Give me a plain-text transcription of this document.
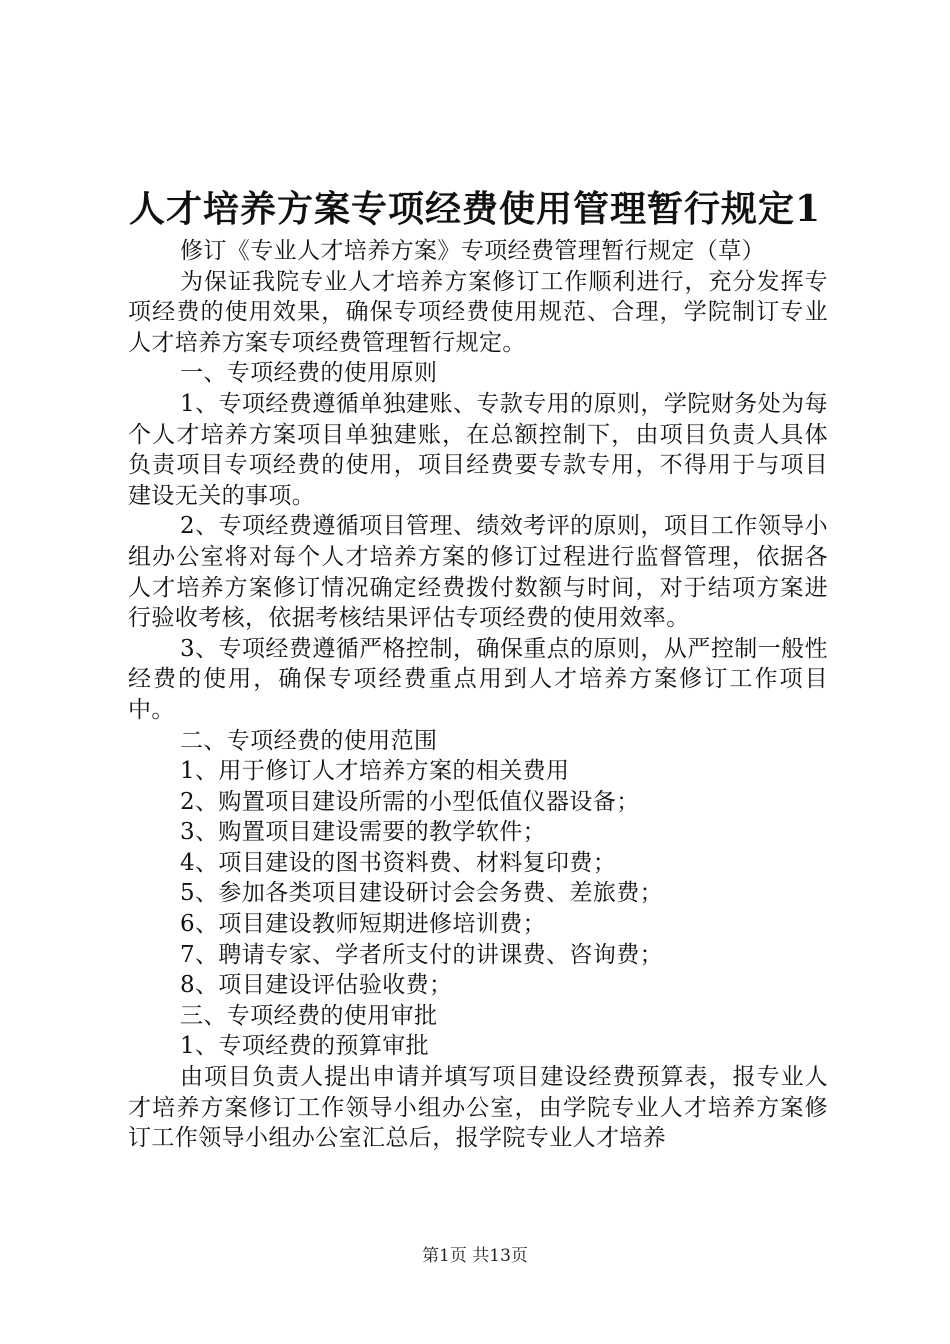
人才培养方案专项经费使用管理暂行规定1

修订《专业人才培养方案》专项经费管理暂行规定（草）

为保证我院专业人才培养方案修订工作顺利进行，充分发挥专项经费的使用效果，确保专项经费使用规范、合理，学院制订专业人才培养方案专项经费管理暂行规定。

一、专项经费的使用原则

1、专项经费遵循单独建账、专款专用的原则，学院财务处为每个人才培养方案项目单独建账，在总额控制下，由项目负责人具体负责项目专项经费的使用，项目经费要专款专用，不得用于与项目建设无关的事项。

2、专项经费遵循项目管理、绩效考评的原则，项目工作领导小组办公室将对每个人才培养方案的修订过程进行监督管理，依据各人才培养方案修订情况确定经费拨付数额与时间，对于结项方案进行验收考核，依据考核结果评估专项经费的使用效率。

3、专项经费遵循严格控制，确保重点的原则，从严控制一般性经费的使用，确保专项经费重点用到人才培养方案修订工作项目中。

二、专项经费的使用范围

1、用于修订人才培养方案的相关费用

2、购置项目建设所需的小型低值仪器设备；

3、购置项目建设需要的教学软件；

4、项目建设的图书资料费、材料复印费；

5、参加各类项目建设研讨会会务费、差旅费；

6、项目建设教师短期进修培训费；

7、聘请专家、学者所支付的讲课费、咨询费；

8、项目建设评估验收费；

三、专项经费的使用审批

1、专项经费的预算审批

由项目负责人提出申请并填写项目建设经费预算表，报专业人才培养方案修订工作领导小组办公室，由学院专业人才培养方案修订工作领导小组办公室汇总后，报学院专业人才培养

第1页 共13页
